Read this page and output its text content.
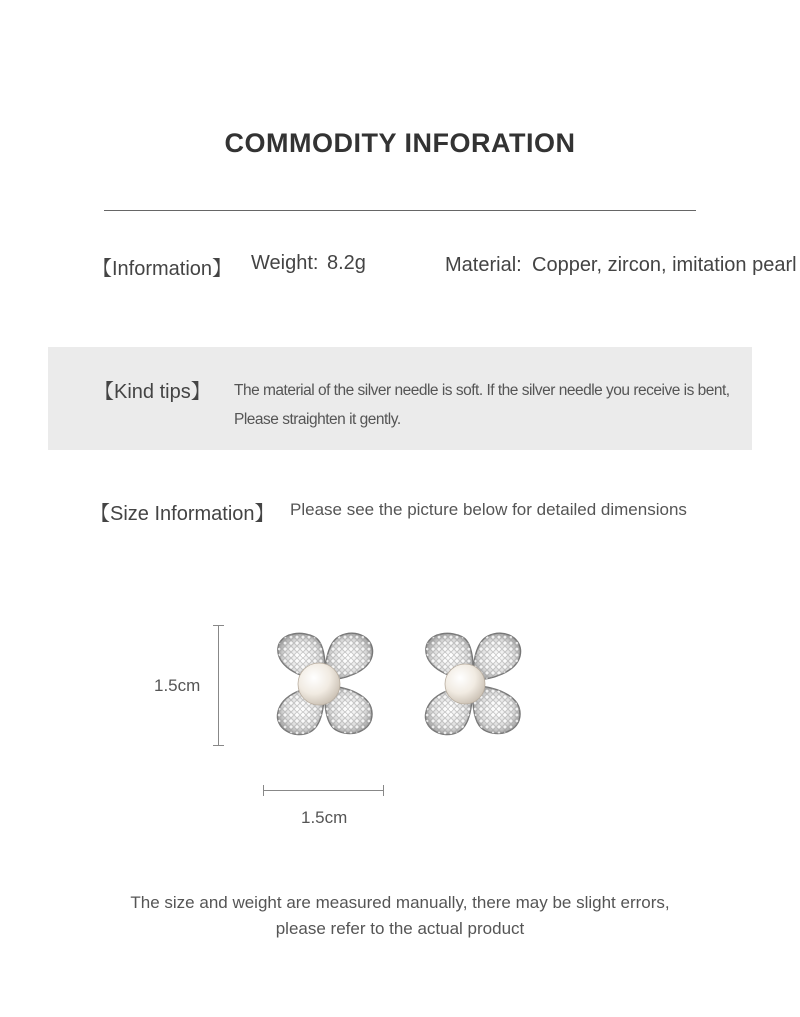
COMMODITY INFORATION
【Information】 Weight: 8.2g	Material: Copper, zircon, imitation pearl
【Kind tips】 The material of the silver needle is soft. If the silver needle you receive is bent,
Please straighten it gently.
【Size Information】 Please see the picture below for detailed dimensions
1.5cm
1.5cm
The size and weight are measured manually, there may be slight errors,
please refer to the actual product
